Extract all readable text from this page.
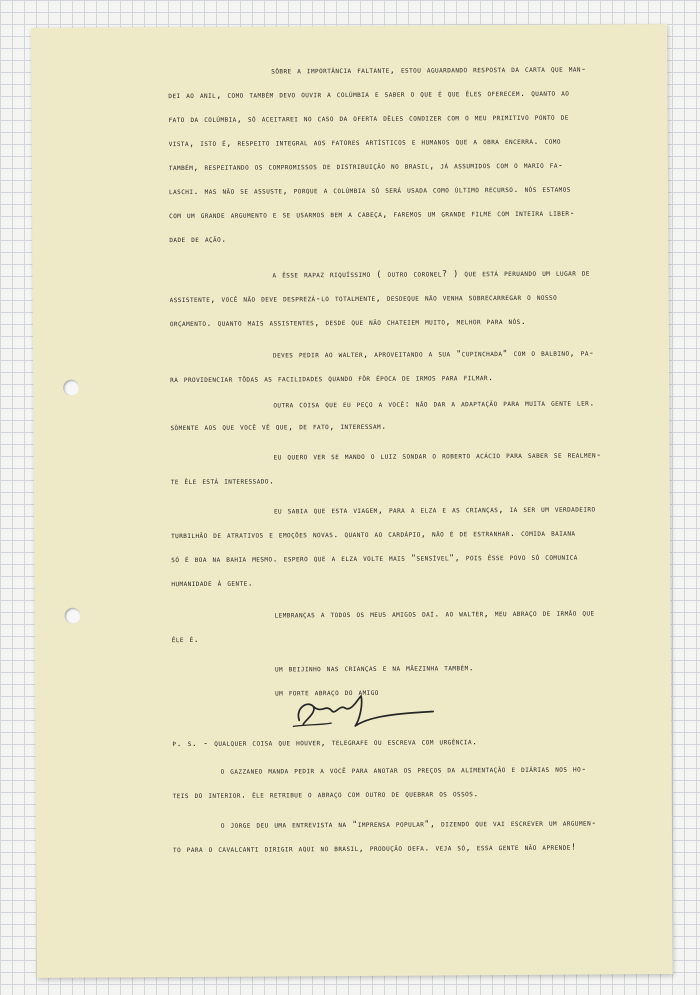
sôbre a importância faltante, estou aguardando resposta da carta que man-
dei ao anil, como também devo ouvir a colúmbia e saber o que é que êles oferecem. quanto ao
fato da colúmbia, só aceitarei no caso da oferta dêles condizer com o meu primitivo ponto de
vista, isto é, respeito integral aos fatores artísticos e humanos que a obra encerra. como
também, respeitando os compromissos de distribuição no brasil, já assumidos com o mario fa-
laschi. mas não se assuste, porque a colúmbia só será usada como último recurso. nós estamos
com um grande argumento e se usarmos bem a cabeça, faremos um grande filme com inteira liber-
dade de ação.
a êsse rapaz riquíssimo ( outro coronel? ) que está peruando um lugar de
assistente, você não deve desprezá-lo totalmente, desdeque não venha sobrecarregar o nosso
orçamento. quanto mais assistentes, desde que não chateiem muito, melhor para nós.
deves pedir ao walter, aproveitando a sua "cupinchada" com o balbino, pa-
ra providenciar tôdas as facilidades quando fôr época de irmos para filmar.
outra coisa que eu peço a você: não dar a adaptação para muita gente ler.
sòmente aos que você vê que, de fato, interessam.
eu quero ver se mando o luiz sondar o roberto acácio para saber se realmen-
te êle está interessado.
eu sabia que esta viagem, para a elza e as crianças, ia ser um verdadeiro
turbilhão de atrativos e emoções novas. quanto ao cardápio, não é de estranhar. comida baiana
só é boa na bahia mesmo. espero que a elza volte mais "sensível", pois êsse povo só comunica
humanidade à gente.
lembranças a todos os meus amigos daí. ao walter, meu abraço de irmão que
êle é.
um beijinho nas crianças e na mãezinha também.
um forte abraço do amigo
p. s. - qualquer coisa que houver, telegrafe ou escreva com urgência.
o gazzaneo manda pedir a você para anotar os preços da alimentação e diárias nos ho-
teis do interior. êle retribue o abraço com outro de quebrar os ossos.
o jorge deu uma entrevista na "imprensa popular", dizendo que vai escrever um argumen-
to para o cavalcanti dirigir aqui no brasil, produção defa. veja só, essa gente não aprende!
